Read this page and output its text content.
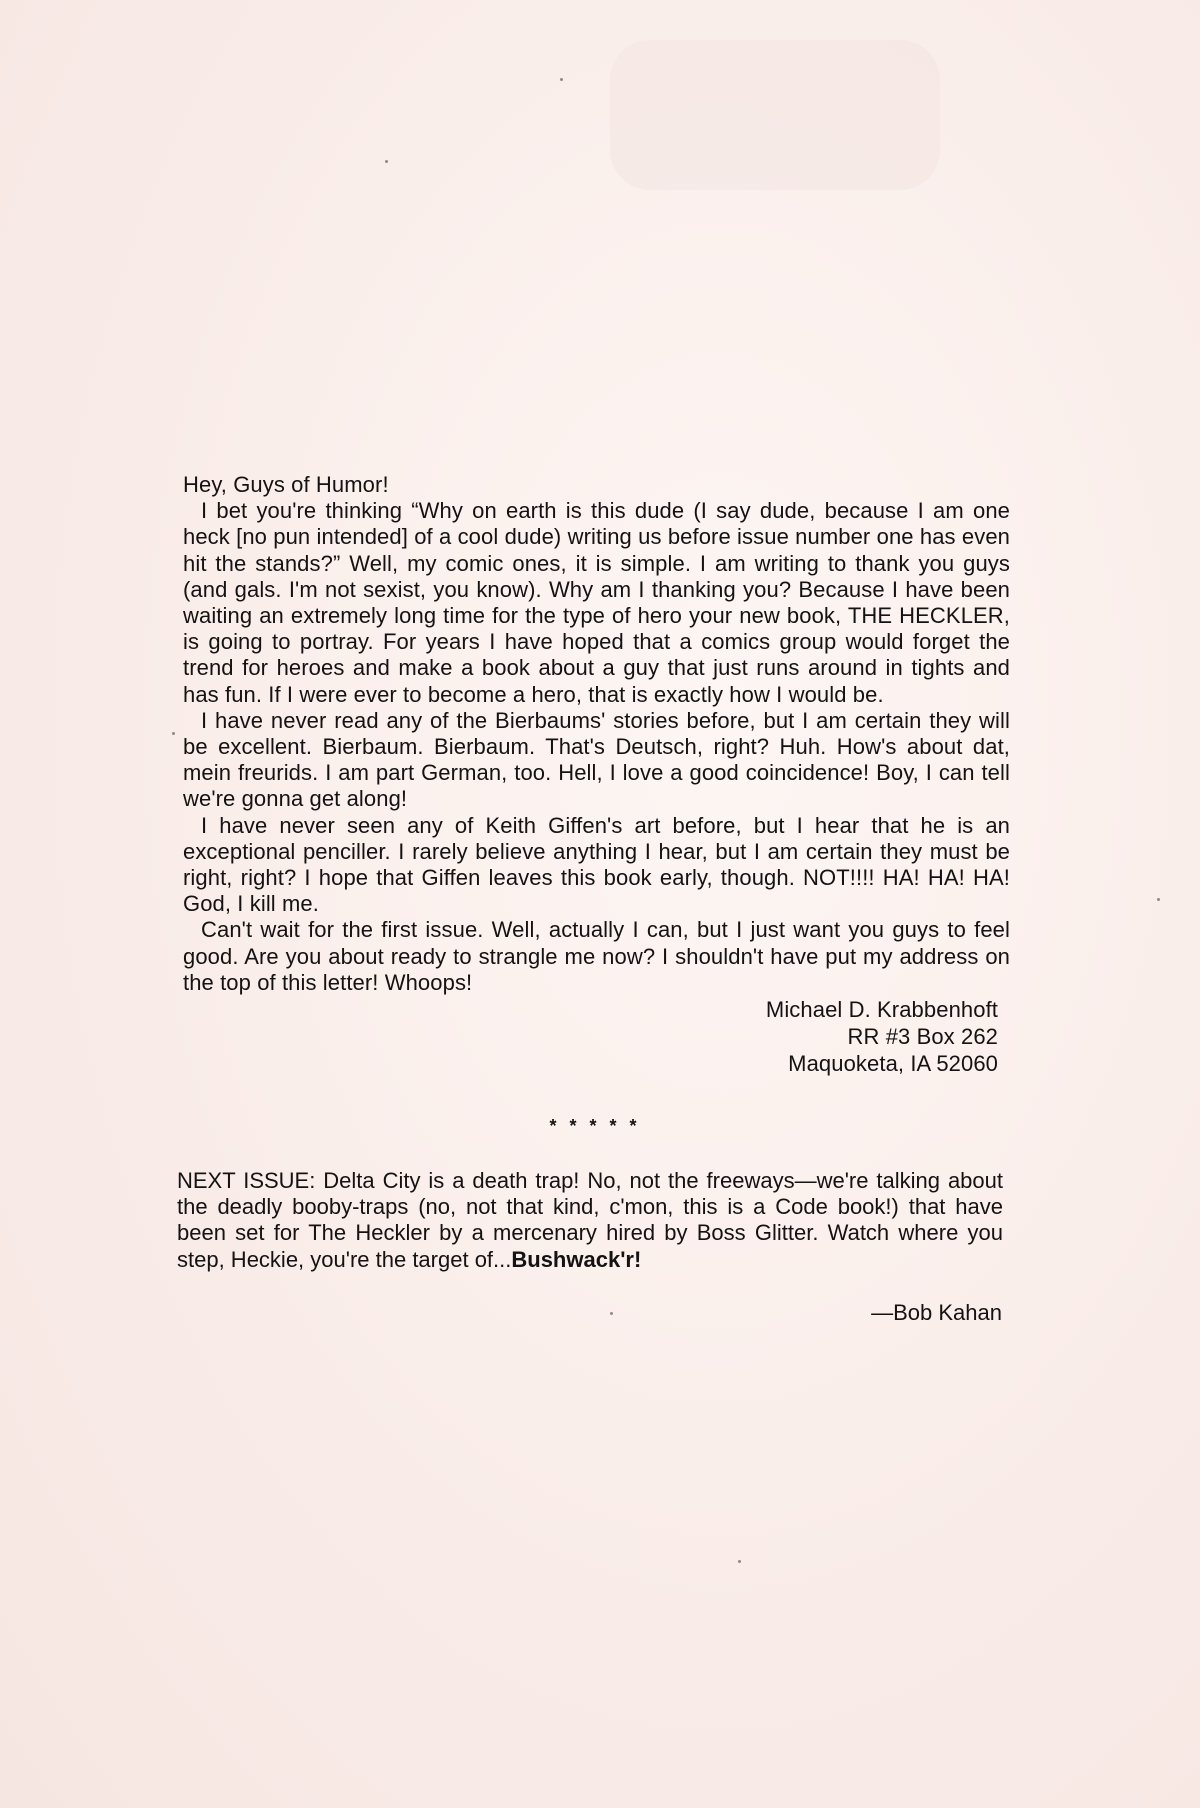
Hey, Guys of Humor!

I bet you're thinking “Why on earth is this dude (I say dude, because I am one heck [no pun intended] of a cool dude) writing us before issue number one has even hit the stands?” Well, my comic ones, it is simple. I am writing to thank you guys (and gals. I'm not sexist, you know). Why am I thanking you? Because I have been waiting an extremely long time for the type of hero your new book, THE HECKLER, is going to portray. For years I have hoped that a comics group would forget the trend for heroes and make a book about a guy that just runs around in tights and has fun. If I were ever to become a hero, that is exactly how I would be.

I have never read any of the Bierbaums' stories before, but I am certain they will be excellent. Bierbaum. Bierbaum. That's Deutsch, right? Huh. How's about dat, mein freurids. I am part German, too. Hell, I love a good coincidence! Boy, I can tell we're gonna get along!

I have never seen any of Keith Giffen's art before, but I hear that he is an exceptional penciller. I rarely believe anything I hear, but I am certain they must be right, right? I hope that Giffen leaves this book early, though. NOT!!!! HA! HA! HA! God, I kill me.

Can't wait for the first issue. Well, actually I can, but I just want you guys to feel good. Are you about ready to strangle me now? I shouldn't have put my address on the top of this letter! Whoops!

Michael D. Krabbenhoft

RR #3 Box 262

Maquoketa, IA 52060

* * * * *

NEXT ISSUE: Delta City is a death trap! No, not the freeways—we're talking about the deadly booby-traps (no, not that kind, c'mon, this is a Code book!) that have been set for The Heckler by a mercenary hired by Boss Glitter. Watch where you step, Heckie, you're the target of...Bushwack'r!

—Bob Kahan
